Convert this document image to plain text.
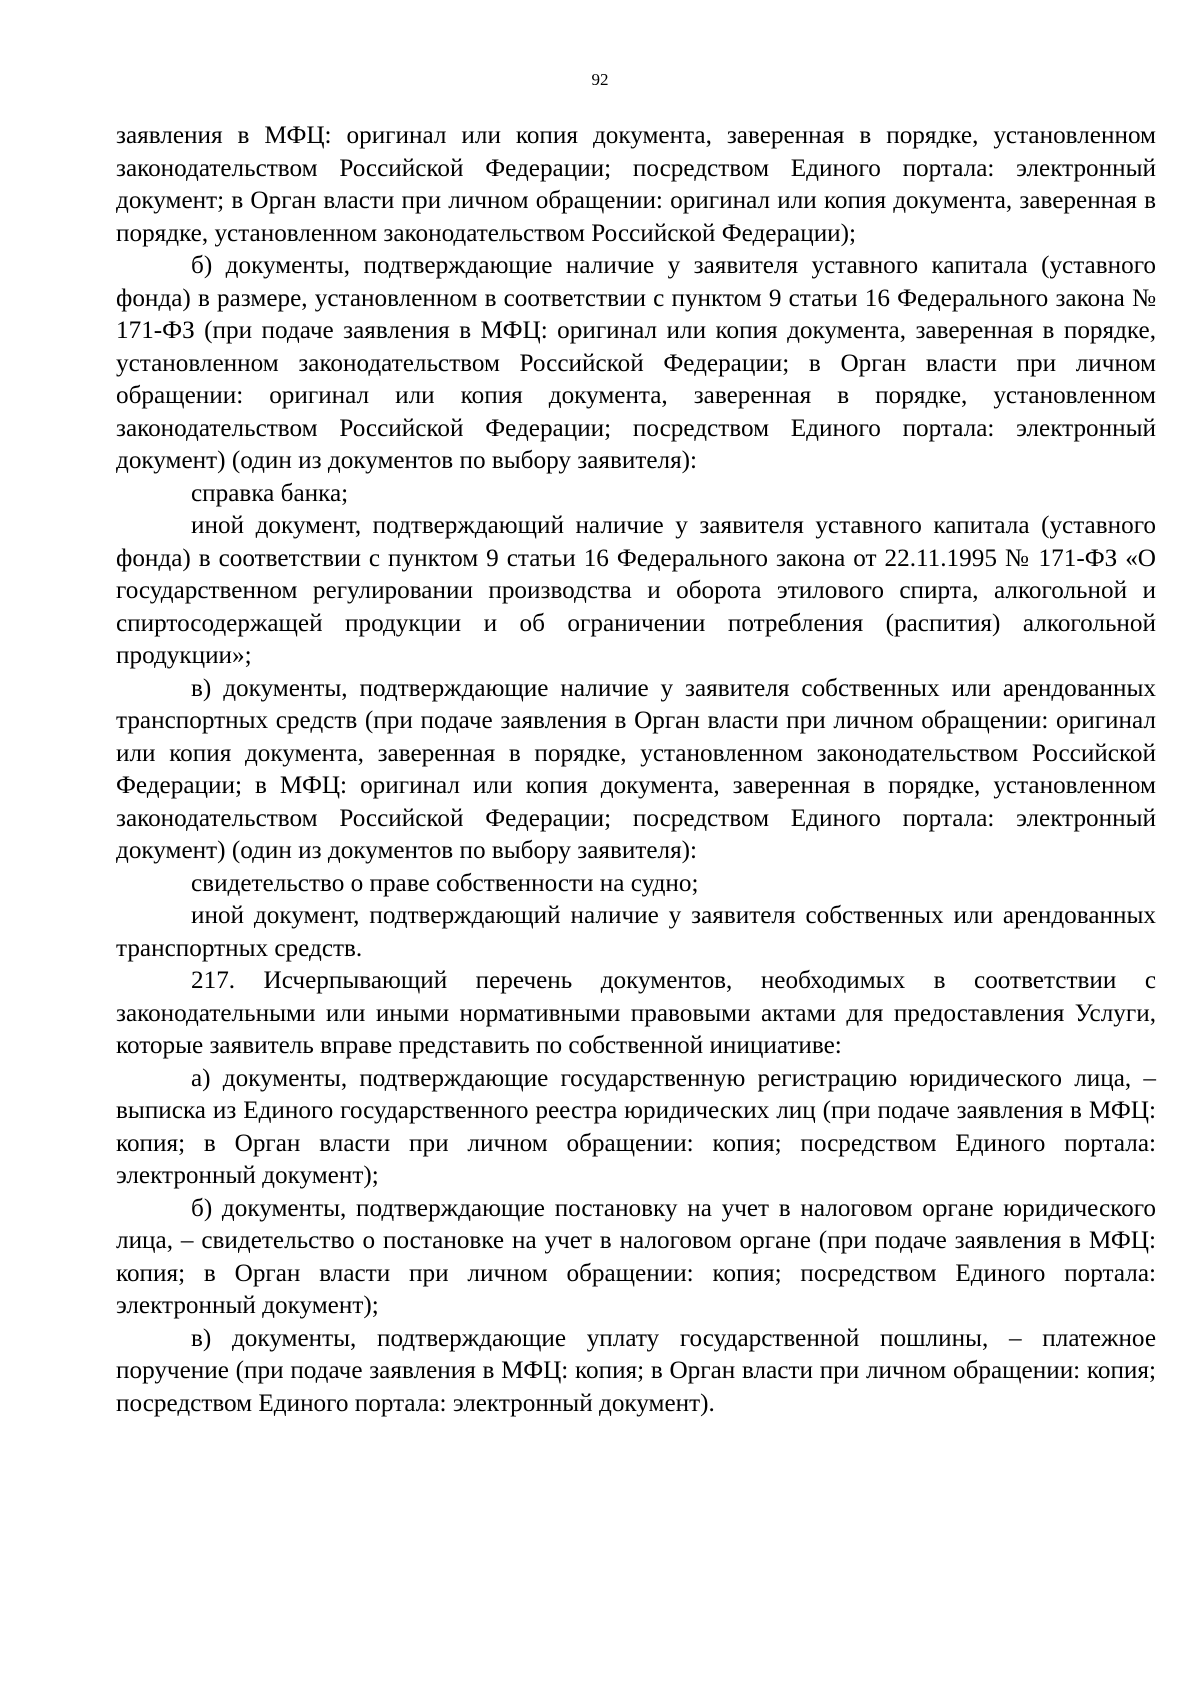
92

заявления в МФЦ: оригинал или копия документа, заверенная в порядке, установленном законодательством Российской Федерации; посредством Единого портала: электронный документ; в Орган власти при личном обращении: оригинал или копия документа, заверенная в порядке, установленном законодательством Российской Федерации);

б) документы, подтверждающие наличие у заявителя уставного капитала (уставного фонда) в размере, установленном в соответствии с пунктом 9 статьи 16 Федерального закона № 171-ФЗ (при подаче заявления в МФЦ: оригинал или копия документа, заверенная в порядке, установленном законодательством Российской Федерации; в Орган власти при личном обращении: оригинал или копия документа, заверенная в порядке, установленном законодательством Российской Федерации; посредством Единого портала: электронный документ) (один из документов по выбору заявителя):

справка банка;

иной документ, подтверждающий наличие у заявителя уставного капитала (уставного фонда) в соответствии с пунктом 9 статьи 16 Федерального закона от 22.11.1995 № 171-ФЗ «О государственном регулировании производства и оборота этилового спирта, алкогольной и спиртосодержащей продукции и об ограничении потребления (распития) алкогольной продукции»;

в) документы, подтверждающие наличие у заявителя собственных или арендованных транспортных средств (при подаче заявления в Орган власти при личном обращении: оригинал или копия документа, заверенная в порядке, установленном законодательством Российской Федерации; в МФЦ: оригинал или копия документа, заверенная в порядке, установленном законодательством Российской Федерации; посредством Единого портала: электронный документ) (один из документов по выбору заявителя):

свидетельство о праве собственности на судно;

иной документ, подтверждающий наличие у заявителя собственных или арендованных транспортных средств.

217. Исчерпывающий перечень документов, необходимых в соответствии с законодательными или иными нормативными правовыми актами для предоставления Услуги, которые заявитель вправе представить по собственной инициативе:

а) документы, подтверждающие государственную регистрацию юридического лица, – выписка из Единого государственного реестра юридических лиц (при подаче заявления в МФЦ: копия; в Орган власти при личном обращении: копия; посредством Единого портала: электронный документ);

б) документы, подтверждающие постановку на учет в налоговом органе юридического лица, – свидетельство о постановке на учет в налоговом органе (при подаче заявления в МФЦ: копия; в Орган власти при личном обращении: копия; посредством Единого портала: электронный документ);

в) документы, подтверждающие уплату государственной пошлины, – платежное поручение (при подаче заявления в МФЦ: копия; в Орган власти при личном обращении: копия; посредством Единого портала: электронный документ).
